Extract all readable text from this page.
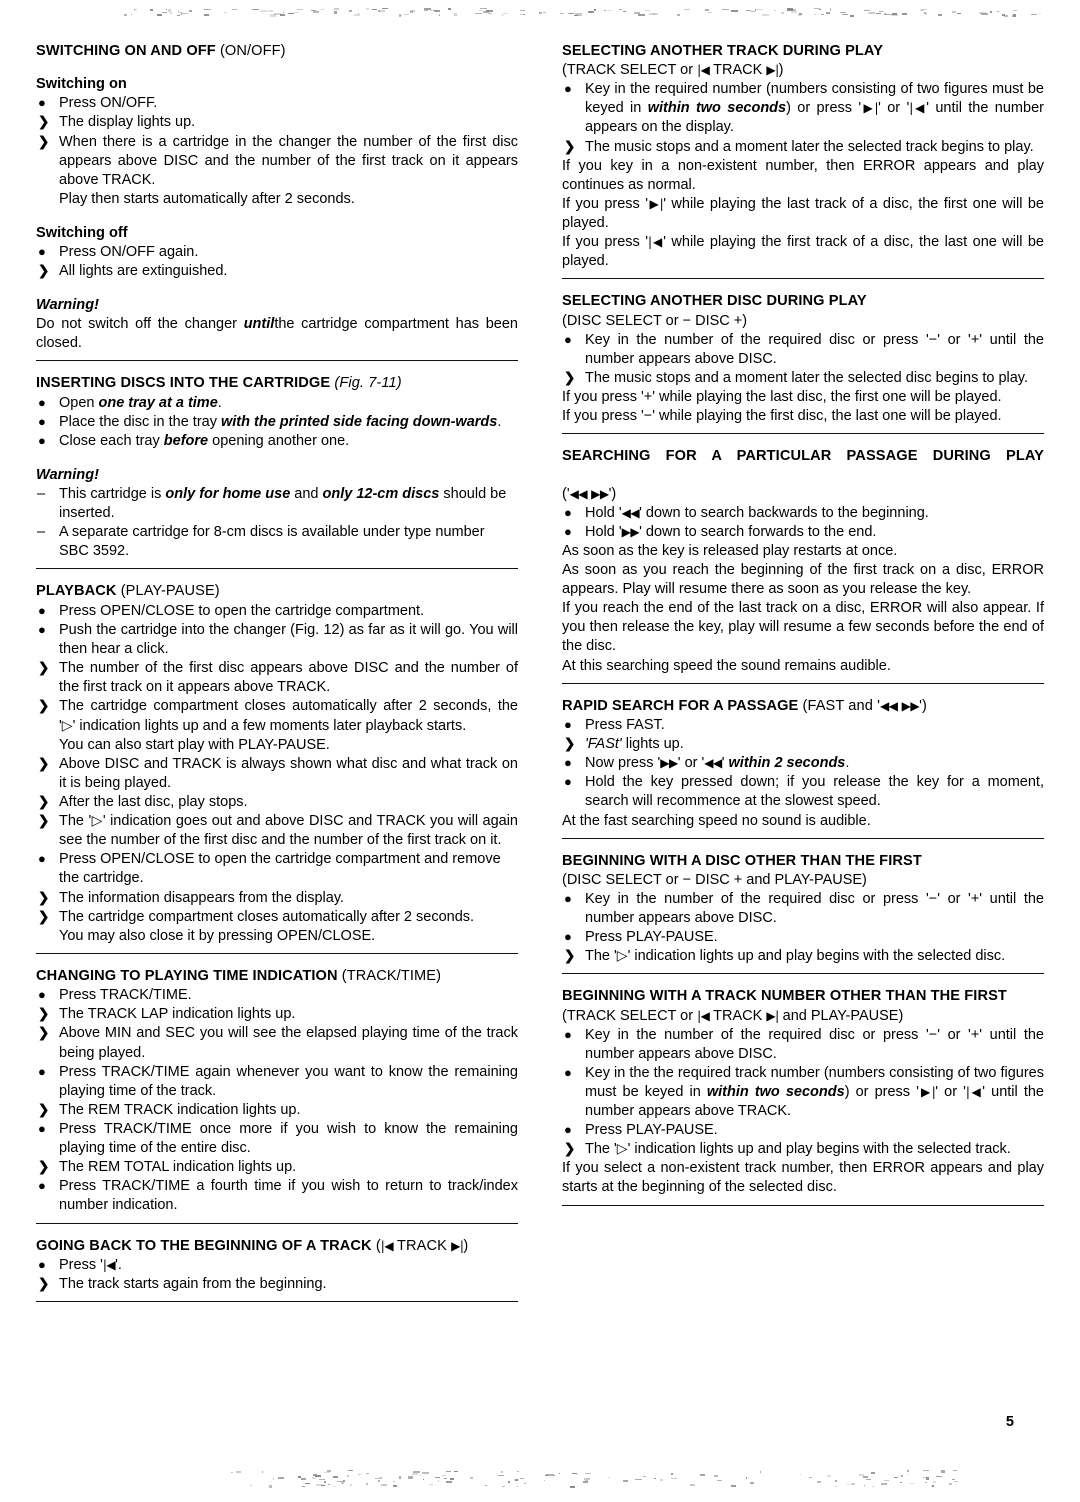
SWITCHING ON AND OFF (ON/OFF)
Switching on
● Press ON/OFF.
❯ The display lights up.
❯ When there is a cartridge in the changer the number of the first disc appears above DISC and the number of the first track on it appears above TRACK.
Play then starts automatically after 2 seconds.
Switching off
● Press ON/OFF again.
❯ All lights are extinguished.
Warning!

Do not switch off the changer untilthe cartridge compartment has been closed.

INSERTING DISCS INTO THE CARTRIDGE (Fig. 7-11)
● Open one tray at a time.
● Place the disc in the tray with the printed side facing down-wards.
● Close each tray before opening another one.
Warning!
– This cartridge is only for home use and only 12-cm discs should be inserted.
– A separate cartridge for 8-cm discs is available under type number SBC 3592.
PLAYBACK (PLAY-PAUSE)
● Press OPEN/CLOSE to open the cartridge compartment.
● Push the cartridge into the changer (Fig. 12) as far as it will go. You will then hear a click.
❯ The number of the first disc appears above DISC and the number of the first track on it appears above TRACK.
❯ The cartridge compartment closes automatically after 2 seconds, the '▷' indication lights up and a few moments later playback starts.
You can also start play with PLAY-PAUSE.
❯ Above DISC and TRACK is always shown what disc and what track on it is being played.
❯ After the last disc, play stops.
❯ The '▷' indication goes out and above DISC and TRACK you will again see the number of the first disc and the number of the first track on it.
● Press OPEN/CLOSE to open the cartridge compartment and remove the cartridge.
❯ The information disappears from the display.
❯ The cartridge compartment closes automatically after 2 seconds.
You may also close it by pressing OPEN/CLOSE.
CHANGING TO PLAYING TIME INDICATION (TRACK/TIME)
● Press TRACK/TIME.
❯ The TRACK LAP indication lights up.
❯ Above MIN and SEC you will see the elapsed playing time of the track being played.
● Press TRACK/TIME again whenever you want to know the remaining playing time of the track.
❯ The REM TRACK indication lights up.
● Press TRACK/TIME once more if you wish to know the remaining playing time of the entire disc.
❯ The REM TOTAL indication lights up.
● Press TRACK/TIME a fourth time if you wish to return to track/index number indication.
GOING BACK TO THE BEGINNING OF A TRACK (|◀ TRACK ▶|)
● Press '|◀'.
❯ The track starts again from the beginning.
SELECTING ANOTHER TRACK DURING PLAY
(TRACK SELECT or |◀ TRACK ▶|)
● Key in the required number (numbers consisting of two figures must be keyed in within two seconds) or press '▶|' or '|◀' until the number appears on the display.
❯ The music stops and a moment later the selected track begins to play.

If you key in a non-existent number, then ERROR appears and play continues as normal.

If you press '▶|' while playing the last track of a disc, the first one will be played.

If you press '|◀' while playing the first track of a disc, the last one will be played.

SELECTING ANOTHER DISC DURING PLAY
(DISC SELECT or − DISC +)
● Key in the number of the required disc or press '−' or '+' until the number appears above DISC.
❯ The music stops and a moment later the selected disc begins to play.

If you press '+' while playing the last disc, the first one will be played.

If you press '−' while playing the first disc, the last one will be played.

SEARCHING FOR A PARTICULAR PASSAGE DURING PLAY
('◀◀ ▶▶')
● Hold '◀◀' down to search backwards to the beginning.
● Hold '▶▶' down to search forwards to the end.

As soon as the key is released play restarts at once.

As soon as you reach the beginning of the first track on a disc, ERROR appears. Play will resume there as soon as you release the key.

If you reach the end of the last track on a disc, ERROR will also appear. If you then release the key, play will resume a few seconds before the end of the disc.

At this searching speed the sound remains audible.

RAPID SEARCH FOR A PASSAGE (FAST and '◀◀ ▶▶')
● Press FAST.
❯ 'FASt' lights up.
● Now press '▶▶' or '◀◀' within 2 seconds.
● Hold the key pressed down; if you release the key for a moment, search will recommence at the slowest speed.

At the fast searching speed no sound is audible.

BEGINNING WITH A DISC OTHER THAN THE FIRST
(DISC SELECT or − DISC + and PLAY-PAUSE)
● Key in the number of the required disc or press '−' or '+' until the number appears above DISC.
● Press PLAY-PAUSE.
❯ The '▷' indication lights up and play begins with the selected disc.
BEGINNING WITH A TRACK NUMBER OTHER THAN THE FIRST
(TRACK SELECT or |◀ TRACK ▶| and PLAY-PAUSE)
● Key in the number of the required disc or press '−' or '+' until the number appears above DISC.
● Key in the the required track number (numbers consisting of two figures must be keyed in within two seconds) or press '▶|' or '|◀' until the number appears above TRACK.
● Press PLAY-PAUSE.
❯ The '▷' indication lights up and play begins with the selected track.

If you select a non-existent track number, then ERROR appears and play starts at the beginning of the selected disc.

5
